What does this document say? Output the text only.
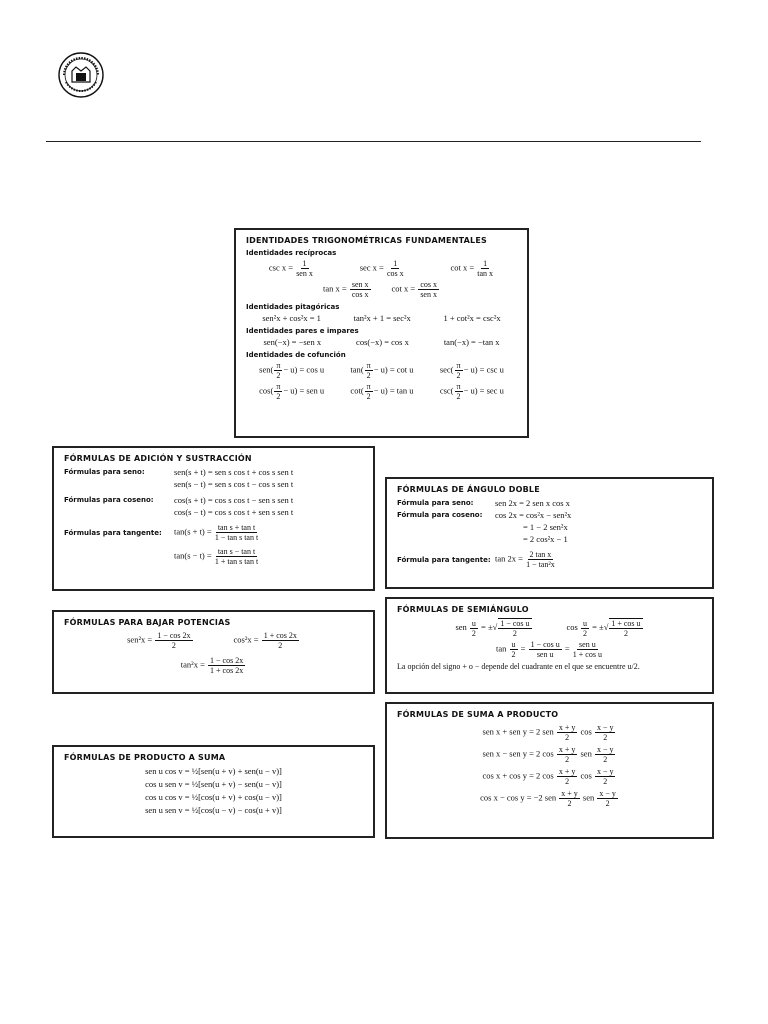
IDENTIDADES TRIGONOMÉTRICAS FUNDAMENTALES
Identidades recíprocas
$\csc x = \frac{1}{\text{sen x}}$	$\sec x = \frac{1}{\text{cos x}}$	$\cot x = \frac{1}{\text{tan x}}$
$\tan x = \frac{\text{sen x}}{\text{cos x}}$ $\cot x = \frac{\text{cos x}}{\text{sen x}}$
Identidades pitagóricas
sen²x + cos²x = 1	tan²x + 1 = sec²x	1 + cot²x = csc²x
Identidades pares e impares
sen(−x) = −sen x	cos(−x) = cos x	tan(−x) = −tan x
Identidades de cofunción
$sen( \frac{\pi}{2} - u) = \cos u$	$\tan( \frac{\pi}{2} - u) = \cot u$	$\sec( \frac{\pi}{2} - u) = \csc u$
$\cos( \frac{\pi}{2} - u)$ = sen u	$\cot( \frac{\pi}{2} - u) = \tan u$	$\csc( \frac{\pi}{2} - u) = \sec u$
FÓRMULAS DE ADICIÓN Y SUSTRACCIÓN
Fórmulas para seno:	sen(s + t) = sen s cos t + cos s sen t
sen(s − t) = sen s cos t − cos s sen t
Fórmulas para coseno:	cos(s + t) = cos s cos t − sen s sen t
cos(s − t) = cos s cos t + sen s sen t
Fórmulas para tangente:	$\tan(s + t) = \frac{\text{tan s + tan t}}{\text{1 − tan s tan t}}$
$\tan(s - t) = \frac{\text{tan s − tan t}}{\text{1 + tan s tan t}}$
FÓRMULAS DE ÁNGULO DOBLE
Fórmula para seno:	sen 2x = 2 sen x cos x
Fórmula para coseno:	cos 2x = cos²x − sen²x
= 1 − 2 sen²x
= 2 cos²x − 1
Fórmula para tangente: $\tan 2x = \frac{\text{2 tan x}}{\text{1 − tan²x}}$
FÓRMULAS PARA BAJAR POTENCIAS
$sen^2x = \frac{1 - \cos 2x}{2}$	$\cos^2x = \frac{1 + \cos 2x}{2}$
$\tan^2x = \frac{1 - \cos 2x}{1 + \cos 2x}$
FÓRMULAS DE SEMIÁNGULO
sen $\frac{u}{2}$ = ±√ $\frac{\text{1 − cos u}}{2}$	$\cos \frac{u}{2}$ = ±√ $\frac{\text{1 + cos u}}{2}$
$\tan \frac{u}{2} = \frac{\text{1 − cos u}}{\text{sen u}} = \frac{\text{sen u}}{\text{1 + cos u}}$
La opción del signo + o − depende del cuadrante en el que se encuentre u/2.
FÓRMULAS DE SUMA A PRODUCTO
sen x + sen y = 2 sen $\frac{x + y}{2}$ $\cos \frac{x - y}{2}$
sen x − sen y = 2 $\cos \frac{x + y}{2}$ sen $\frac{x - y}{2}$
cos x + cos y = 2 $\cos \frac{x + y}{2}$ $\cos \frac{x - y}{2}$
cos x − cos y = −2 sen $\frac{x + y}{2}$ sen $\frac{x - y}{2}$
FÓRMULAS DE PRODUCTO A SUMA
sen u cos v = ½[sen(u + v) + sen(u − v)]
cos u sen v = ½[sen(u + v) − sen(u − v)]
cos u cos v = ½[cos(u + v) + cos(u − v)]
sen u sen v = ½[cos(u − v) − cos(u + v)]
